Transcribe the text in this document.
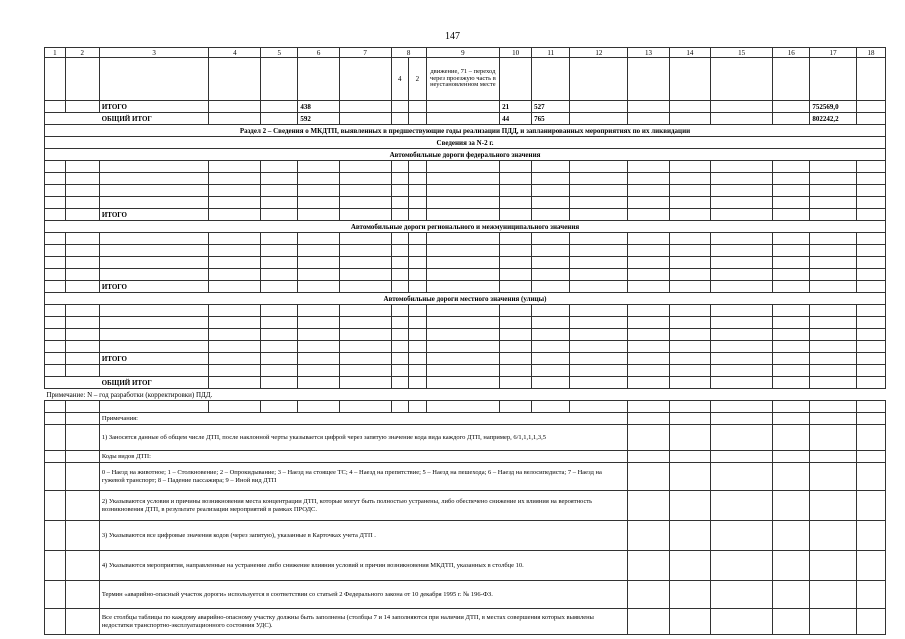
147
1	2	3	4	5	6	7	8		9	10	11	12	13	14	15	16	17	18
							4	2	движение, 71 – переход через проезжую часть в неустановленном месте									
		ИТОГО			438					21	527						752569,0	
ОБЩИЙ ИТОГ					592					44	765						802242,2	
Раздел 2 – Сведения о МКДТП, выявленных в предшествующие годы реализации ПДД, и запланированных мероприятиях по их ликвидации																		
Сведения за N-2 г.																		
Автомобильные дороги федерального значения																		

		ИТОГО																
Автомобильные дороги регионального и межмуниципального значения																		

		ИТОГО																
Автомобильные дороги местного значения (улицы)																		

		ИТОГО																

ОБЩИЙ ИТОГ																		
Примечание: N – год разработки (корректировки) ПДД.																		

		Примечания:																
		1) Заносятся данные об общем числе ДТП, после наклонной черты указывается цифрой через запятую значение кода вида каждого ДТП, например, 6/1,1,1,1,3,5																
		Коды видов ДТП:																
		0 – Наезд на животное; 1 – Столкновение; 2 – Опрокидывание; 3 – Наезд на стоящее ТС; 4 – Наезд на препятствие; 5 – Наезд на пешехода; 6 – Наезд на велосипедиста; 7 – Наезд на гужевой транспорт; 8 – Падение пассажира; 9 – Иной вид ДТП																
		2) Указываются условия и причины возникновения места концентрации ДТП, которые могут быть полностью устранены, либо обеспечено снижение их влияния на вероятность возникновения ДТП, в результате реализации мероприятий в рамках ПРОДС.																
		3) Указываются все цифровые значения кодов (через запятую), указанные в Карточках учета ДТП .																
		4) Указываются мероприятия, направленные на устранение либо снижение влияния условий и причин возникновения МКДТП, указанных в столбце 10.																
		Термин «аварийно-опасный участок дороги» используется в соответствии со статьей 2 Федерального закона от 10 декабря 1995 г. № 196-ФЗ.																
		Все столбцы таблицы по каждому аварийно-опасному участку должны быть заполнены (столбцы 7 и 14 заполняются при наличии ДТП, в местах совершения которых выявлены недостатки транспортно-эксплуатационного состояния УДС).																
